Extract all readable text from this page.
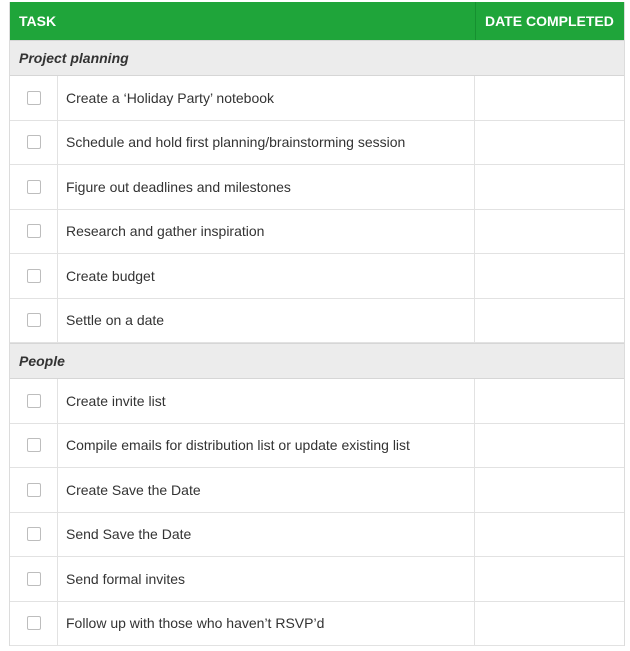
TASK	DATE COMPLETED
Project planning
Create a ‘Holiday Party’ notebook
Schedule and hold first planning/brainstorming session
Figure out deadlines and milestones
Research and gather inspiration
Create budget
Settle on a date
People
Create invite list
Compile emails for distribution list or update existing list
Create Save the Date
Send Save the Date
Send formal invites
Follow up with those who haven’t RSVP’d
